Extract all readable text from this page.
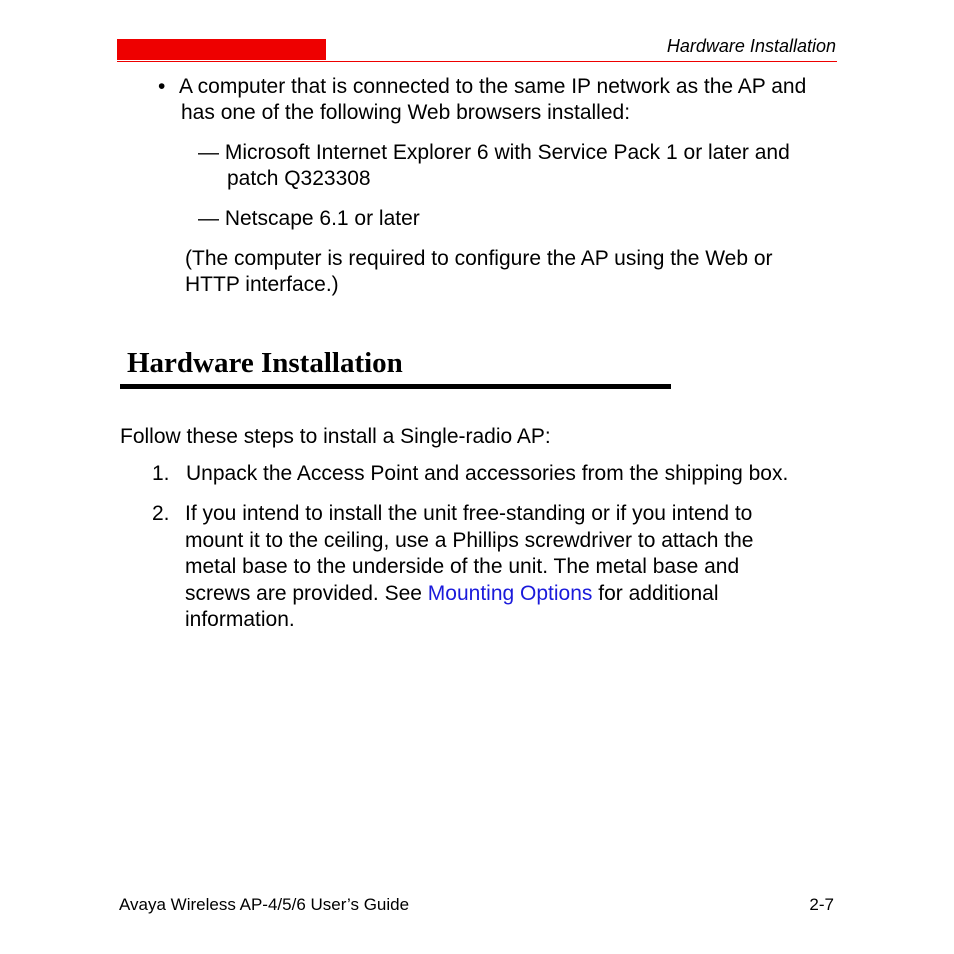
Hardware Installation
• A computer that is connected to the same IP network as the AP and
has one of the following Web browsers installed:
— Microsoft Internet Explorer 6 with Service Pack 1 or later and
patch Q323308
— Netscape 6.1 or later
(The computer is required to configure the AP using the Web or
HTTP interface.)
Hardware Installation
Follow these steps to install a Single-radio AP:
1. Unpack the Access Point and accessories from the shipping box.
2. If you intend to install the unit free-standing or if you intend to
mount it to the ceiling, use a Phillips screwdriver to attach the
metal base to the underside of the unit. The metal base and
screws are provided. See Mounting Options for additional
information.
Avaya Wireless AP-4/5/6 User’s Guide	2-7
